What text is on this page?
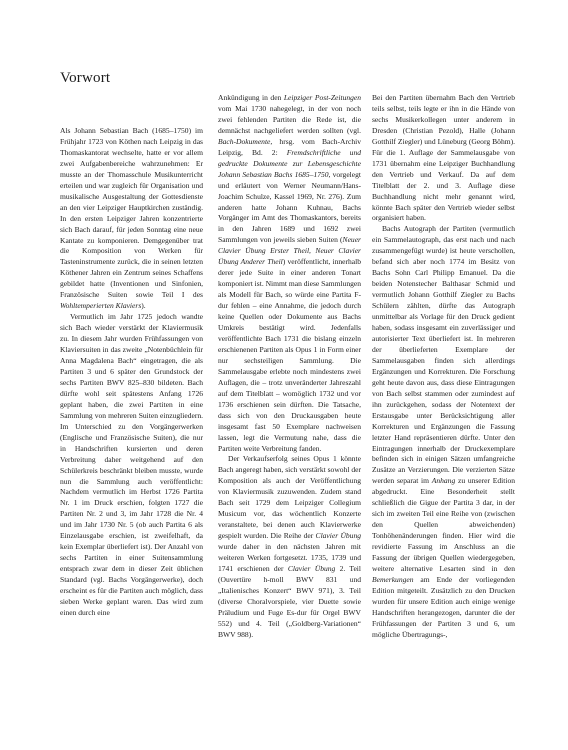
Vorwort

Als Johann Sebastian Bach (1685–1750) im Frühjahr 1723 von Köthen nach Leipzig in das Thomaskantorat wechselte, hatte er vor allem zwei Aufgabenbereiche wahrzunehmen: Er musste an der Thomasschule Musikunterricht erteilen und war zugleich für Organisation und musikalische Ausgestaltung der Gottesdienste an den vier Leipziger Hauptkirchen zuständig. In den ersten Leipziger Jahren konzentrierte sich Bach darauf, für jeden Sonntag eine neue Kantate zu komponieren. Demgegenüber trat die Komposition von Werken für Tasteninstrumente zurück, die in seinen letzten Köthener Jahren ein Zentrum seines Schaffens gebildet hatte (Inventionen und Sinfonien, Französische Suiten sowie Teil I des Wohltemperierten Klaviers).

Vermutlich im Jahr 1725 jedoch wandte sich Bach wieder verstärkt der Klaviermusik zu. In diesem Jahr wurden Frühfassungen von Klaviersuiten in das zweite „Notenbüchlein für Anna Magdalena Bach“ eingetragen, die als Partiten 3 und 6 später den Grundstock der sechs Partiten BWV 825–830 bildeten. Bach dürfte wohl seit spätestens Anfang 1726 geplant haben, die zwei Partiten in eine Sammlung von mehreren Suiten einzugliedern. Im Unterschied zu den Vorgängerwerken (Englische und Französische Suiten), die nur in Handschriften kursierten und deren Verbreitung daher weitgehend auf den Schülerkreis beschränkt bleiben musste, wurde nun die Sammlung auch veröffentlicht: Nachdem vermutlich im Herbst 1726 Partita Nr. 1 im Druck erschien, folgten 1727 die Partiten Nr. 2 und 3, im Jahr 1728 die Nr. 4 und im Jahr 1730 Nr. 5 (ob auch Partita 6 als Einzelausgabe erschien, ist zweifelhaft, da kein Exemplar überliefert ist). Der Anzahl von sechs Partiten in einer Suitensammlung entsprach zwar dem in dieser Zeit üblichen Standard (vgl. Bachs Vorgängerwerke), doch erscheint es für die Partiten auch möglich, dass sieben Werke geplant waren. Das wird zum einen durch eine

Ankündigung in den Leipziger Post-Zeitungen vom Mai 1730 nahegelegt, in der von noch zwei fehlenden Partiten die Rede ist, die demnächst nachgeliefert werden sollten (vgl. Bach-Dokumente, hrsg. vom Bach-Archiv Leipzig, Bd. 2: Fremdschriftliche und gedruckte Dokumente zur Lebensgeschichte Johann Sebastian Bachs 1685–1750, vorgelegt und erläutert von Werner Neumann/Hans-Joachim Schulze, Kassel 1969, Nr. 276). Zum anderen hatte Johann Kuhnau, Bachs Vorgänger im Amt des Thomaskantors, bereits in den Jahren 1689 und 1692 zwei Sammlungen von jeweils sieben Suiten (Neuer Clavier Übung Erster Theil, Neuer Clavier Übung Anderer Theil) veröffentlicht, innerhalb derer jede Suite in einer anderen Tonart komponiert ist. Nimmt man diese Sammlungen als Modell für Bach, so würde eine Partita F-dur fehlen – eine Annahme, die jedoch durch keine Quellen oder Dokumente aus Bachs Umkreis bestätigt wird. Jedenfalls veröffentlichte Bach 1731 die bislang einzeln erschienenen Partiten als Opus 1 in Form einer nur sechsteiligen Sammlung. Die Sammelausgabe erlebte noch mindestens zwei Auflagen, die – trotz unveränderter Jahreszahl auf dem Titelblatt – womöglich 1732 und vor 1736 erschienen sein dürften. Die Tatsache, dass sich von den Druckausgaben heute insgesamt fast 50 Exemplare nachweisen lassen, legt die Vermutung nahe, dass die Partiten weite Verbreitung fanden.

Der Verkaufserfolg seines Opus 1 könnte Bach angeregt haben, sich verstärkt sowohl der Komposition als auch der Veröffentlichung von Klaviermusik zuzuwenden. Zudem stand Bach seit 1729 dem Leipziger Collegium Musicum vor, das wöchentlich Konzerte veranstaltete, bei denen auch Klavierwerke gespielt wurden. Die Reihe der Clavier Übung wurde daher in den nächsten Jahren mit weiteren Werken fortgesetzt. 1735, 1739 und 1741 erschienen der Clavier Übung 2. Teil (Ouvertüre h-moll BWV 831 und „Italienisches Konzert“ BWV 971), 3. Teil (diverse Choralvorspiele, vier Duette sowie Präludium und Fuge Es-dur für Orgel BWV 552) und 4. Teil („Goldberg-Variationen“ BWV 988).

Bei den Partiten übernahm Bach den Vertrieb teils selbst, teils legte er ihn in die Hände von sechs Musikerkollegen unter anderem in Dresden (Christian Pezold), Halle (Johann Gotthilf Ziegler) und Lüneburg (Georg Böhm). Für die 1. Auflage der Sammelausgabe von 1731 übernahm eine Leipziger Buchhandlung den Vertrieb und Verkauf. Da auf dem Titelblatt der 2. und 3. Auflage diese Buchhandlung nicht mehr genannt wird, könnte Bach später den Vertrieb wieder selbst organisiert haben.

Bachs Autograph der Partiten (vermutlich ein Sammelautograph, das erst nach und nach zusammengefügt wurde) ist heute verschollen, befand sich aber noch 1774 im Besitz von Bachs Sohn Carl Philipp Emanuel. Da die beiden Notenstecher Balthasar Schmid und vermutlich Johann Gotthilf Ziegler zu Bachs Schülern zählten, dürfte das Autograph unmittelbar als Vorlage für den Druck gedient haben, sodass insgesamt ein zuverlässiger und autorisierter Text überliefert ist. In mehreren der überlieferten Exemplare der Sammelausgaben finden sich allerdings Ergänzungen und Korrekturen. Die Forschung geht heute davon aus, dass diese Eintragungen von Bach selbst stammen oder zumindest auf ihn zurückgehen, sodass der Notentext der Erstausgabe unter Berücksichtigung aller Korrekturen und Ergänzungen die Fassung letzter Hand repräsentieren dürfte. Unter den Eintragungen innerhalb der Druckexemplare befinden sich in einigen Sätzen umfangreiche Zusätze an Verzierungen. Die verzierten Sätze werden separat im Anhang zu unserer Edition abgedruckt. Eine Besonderheit stellt schließlich die Gigue der Partita 3 dar, in der sich im zweiten Teil eine Reihe von (zwischen den Quellen abweichenden) Tonhöhenänderungen finden. Hier wird die revidierte Fassung im Anschluss an die Fassung der übrigen Quellen wiedergegeben, weitere alternative Lesarten sind in den Bemerkungen am Ende der vorliegenden Edition mitgeteilt. Zusätzlich zu den Drucken wurden für unsere Edition auch einige wenige Handschriften herangezogen, darunter die der Frühfassungen der Partiten 3 und 6, um mögliche Übertragungs-,
